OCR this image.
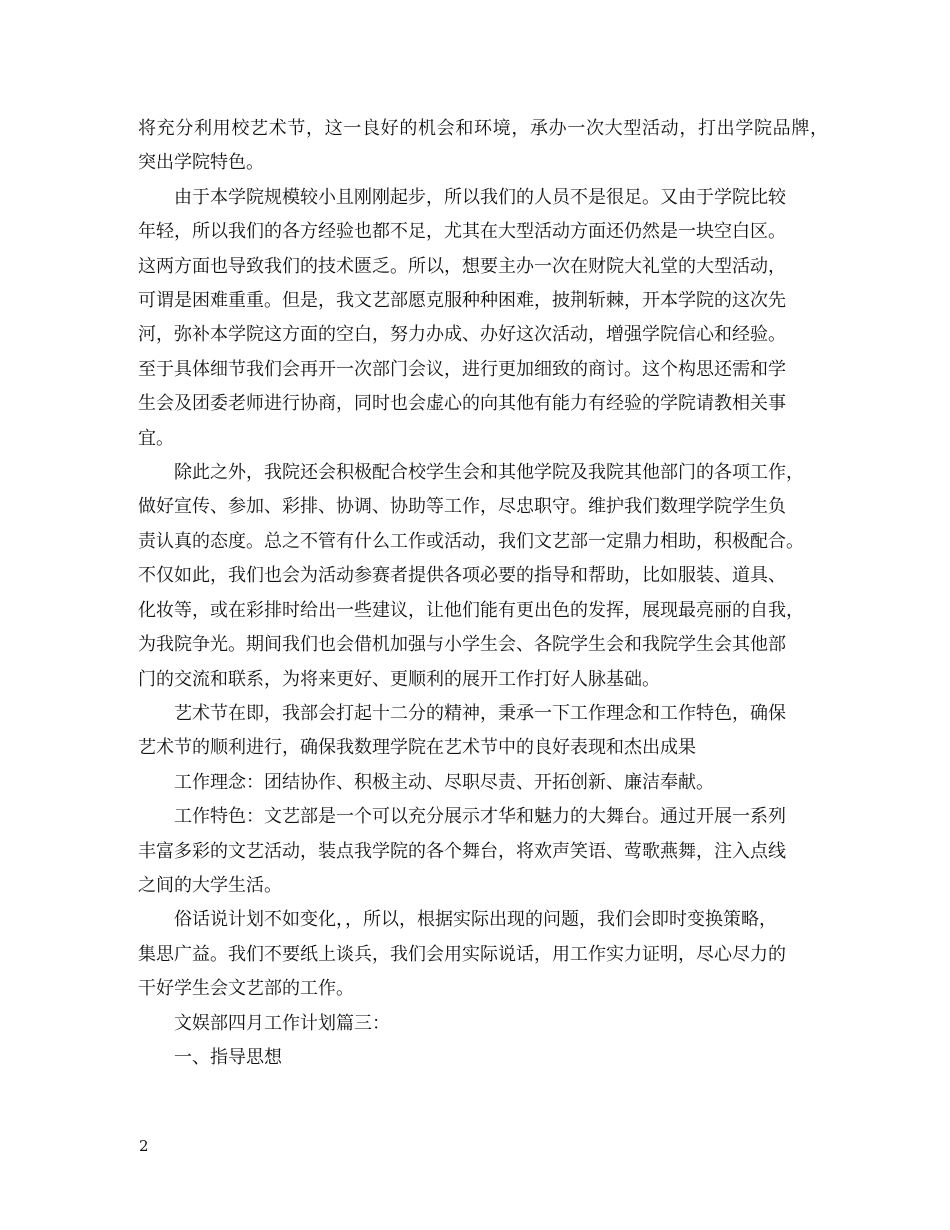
将充分利用校艺术节，这一良好的机会和环境，承办一次大型活动，打出学院品牌，
突出学院特色。

由于本学院规模较小且刚刚起步，所以我们的人员不是很足。又由于学院比较
年轻，所以我们的各方经验也都不足，尤其在大型活动方面还仍然是一块空白区。
这两方面也导致我们的技术匮乏。所以，想要主办一次在财院大礼堂的大型活动，
可谓是困难重重。但是，我文艺部愿克服种种困难，披荆斩棘，开本学院的这次先
河，弥补本学院这方面的空白，努力办成、办好这次活动，增强学院信心和经验。
至于具体细节我们会再开一次部门会议，进行更加细致的商讨。这个构思还需和学
生会及团委老师进行协商，同时也会虚心的向其他有能力有经验的学院请教相关事
宜。

除此之外，我院还会积极配合校学生会和其他学院及我院其他部门的各项工作，
做好宣传、参加、彩排、协调、协助等工作，尽忠职守。维护我们数理学院学生负
责认真的态度。总之不管有什么工作或活动，我们文艺部一定鼎力相助，积极配合。
不仅如此，我们也会为活动参赛者提供各项必要的指导和帮助，比如服装、道具、
化妆等，或在彩排时给出一些建议，让他们能有更出色的发挥，展现最亮丽的自我，
为我院争光。期间我们也会借机加强与小学生会、各院学生会和我院学生会其他部
门的交流和联系，为将来更好、更顺利的展开工作打好人脉基础。

艺术节在即，我部会打起十二分的精神，秉承一下工作理念和工作特色，确保
艺术节的顺利进行，确保我数理学院在艺术节中的良好表现和杰出成果

工作理念：团结协作、积极主动、尽职尽责、开拓创新、廉洁奉献。

工作特色：文艺部是一个可以充分展示才华和魅力的大舞台。通过开展一系列
丰富多彩的文艺活动，装点我学院的各个舞台，将欢声笑语、莺歌燕舞，注入点线
之间的大学生活。

俗话说计划不如变化，，所以，根据实际出现的问题，我们会即时变换策略，
集思广益。我们不要纸上谈兵，我们会用实际说话，用工作实力证明，尽心尽力的
干好学生会文艺部的工作。

文娱部四月工作计划篇三：

一、指导思想

2
